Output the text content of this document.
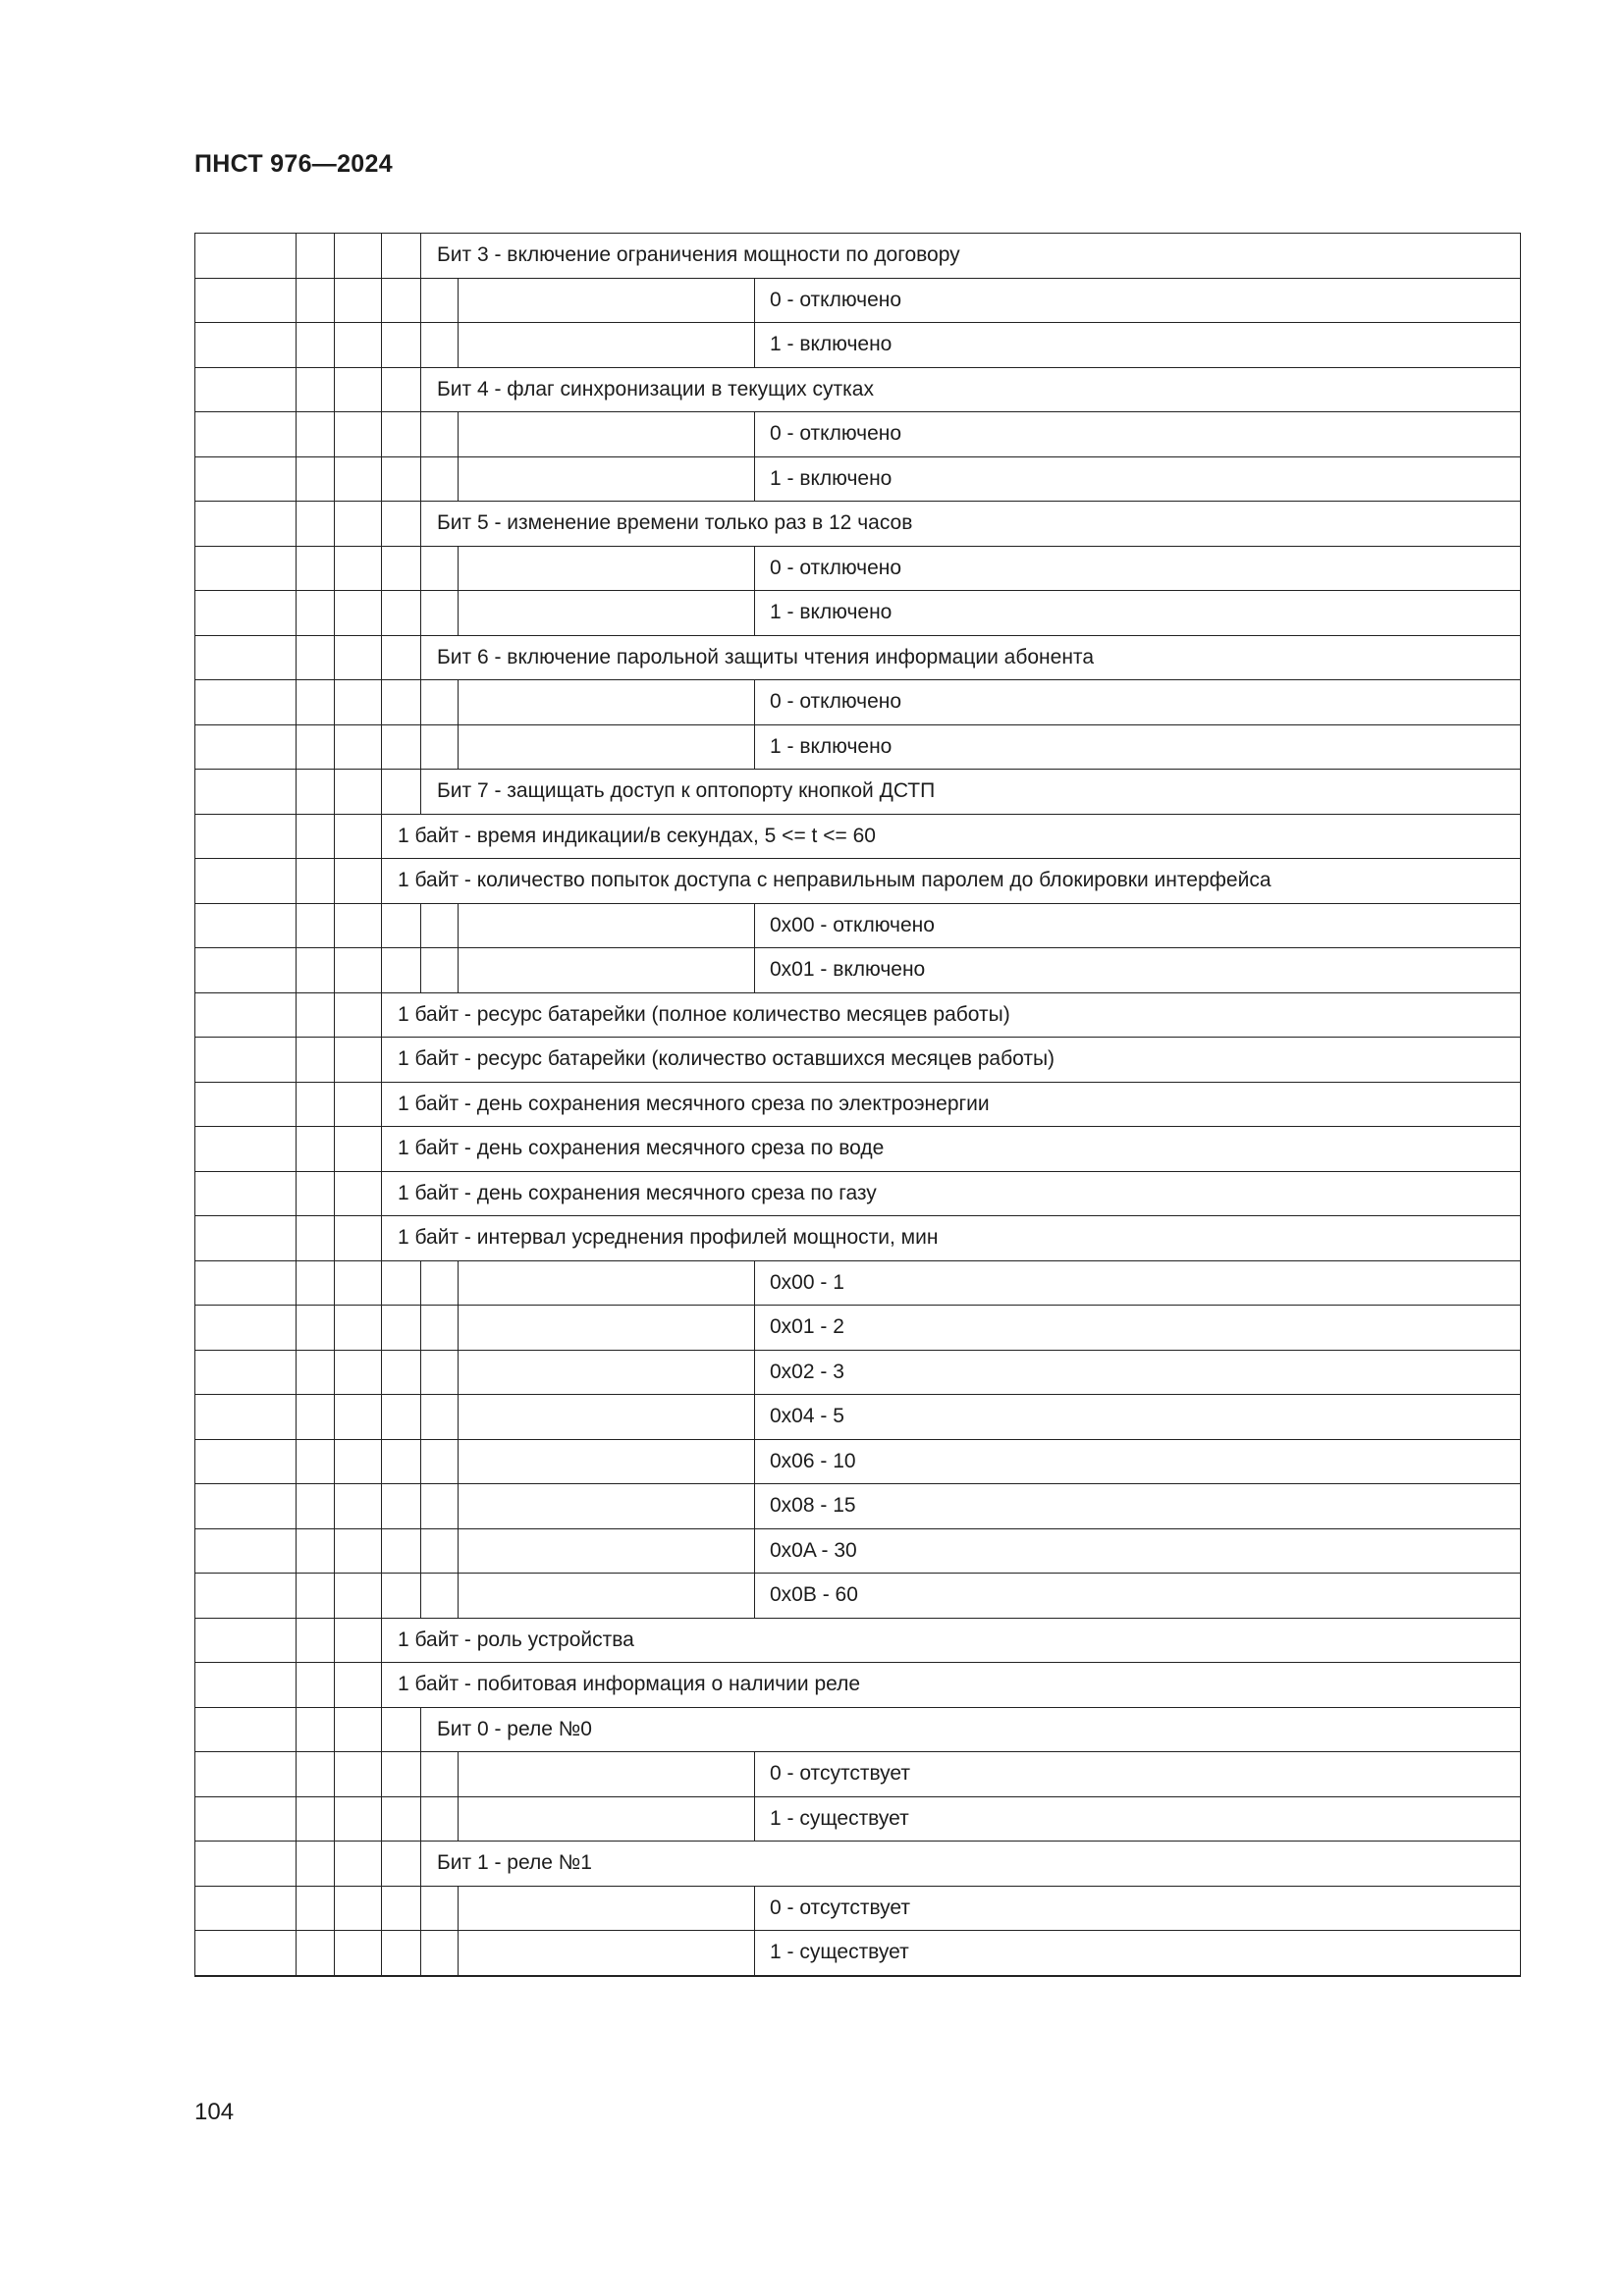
ПНСТ 976—2024
				Бит 3 - включение ограничения мощности по договору		
						0 - отключено
						1 - включено
				Бит 4 - флаг синхронизации в текущих сутках		
						0 - отключено
						1 - включено
				Бит 5 - изменение времени только раз в 12 часов		
						0 - отключено
						1 - включено
				Бит 6 - включение парольной защиты чтения информации абонента		
						0 - отключено
						1 - включено
				Бит 7 - защищать доступ к оптопорту кнопкой ДСТП		
			1 байт - время индикации/в секундах, 5 <= t <= 60			
			1 байт - количество попыток доступа с неправильным паролем до блокировки интерфейса			
						0x00 - отключено
						0x01 - включено
			1 байт - ресурс батарейки (полное количество месяцев работы)			
			1 байт - ресурс батарейки (количество оставшихся месяцев работы)			
			1 байт - день сохранения месячного среза по электроэнергии			
			1 байт - день сохранения месячного среза по воде			
			1 байт - день сохранения месячного среза по газу			
			1 байт - интервал усреднения профилей мощности, мин			
						0x00 - 1
						0x01 - 2
						0x02 - 3
						0x04 - 5
						0x06 - 10
						0x08 - 15
						0x0A - 30
						0x0B - 60
			1 байт - роль устройства			
			1 байт - побитовая информация о наличии реле			
				Бит 0 - реле №0		
						0 - отсутствует
						1 - существует
				Бит 1 - реле №1		
						0 - отсутствует
						1 - существует
104
